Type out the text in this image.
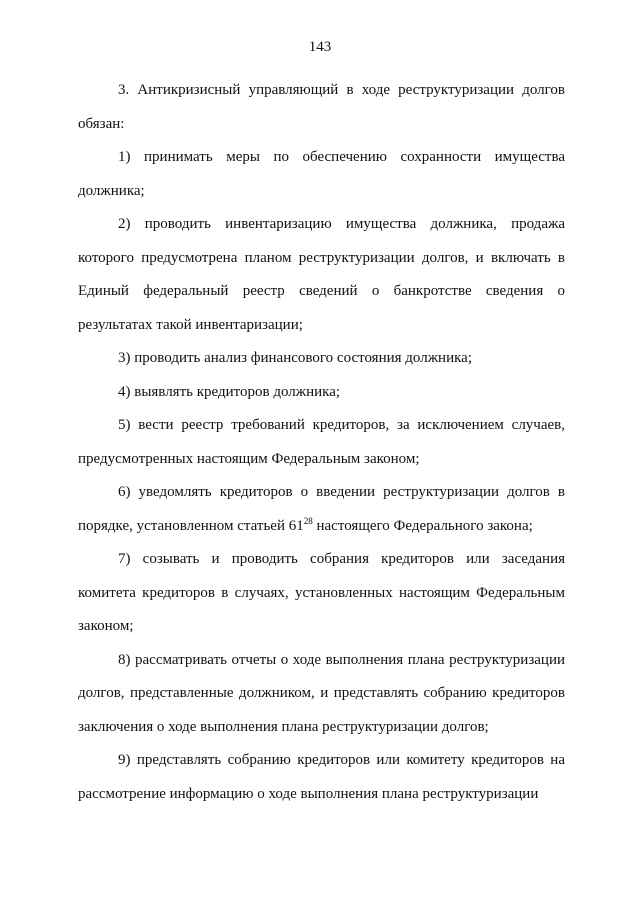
143

3. Антикризисный управляющий в ходе реструктуризации долгов обязан:

1) принимать меры по обеспечению сохранности имущества должника;

2) проводить инвентаризацию имущества должника, продажа которого предусмотрена планом реструктуризации долгов, и включать в Единый федеральный реестр сведений о банкротстве сведения о результатах такой инвентаризации;

3) проводить анализ финансового состояния должника;

4) выявлять кредиторов должника;

5) вести реестр требований кредиторов, за исключением случаев, предусмотренных настоящим Федеральным законом;

6) уведомлять кредиторов о введении реструктуризации долгов в порядке, установленном статьей $61^{28}$ настоящего Федерального закона;

7) созывать и проводить собрания кредиторов или заседания комитета кредиторов в случаях, установленных настоящим Федеральным законом;

8) рассматривать отчеты о ходе выполнения плана реструктуризации долгов, представленные должником, и представлять собранию кредиторов заключения о ходе выполнения плана реструктуризации долгов;

9) представлять собранию кредиторов или комитету кредиторов на рассмотрение информацию о ходе выполнения плана реструктуризации
